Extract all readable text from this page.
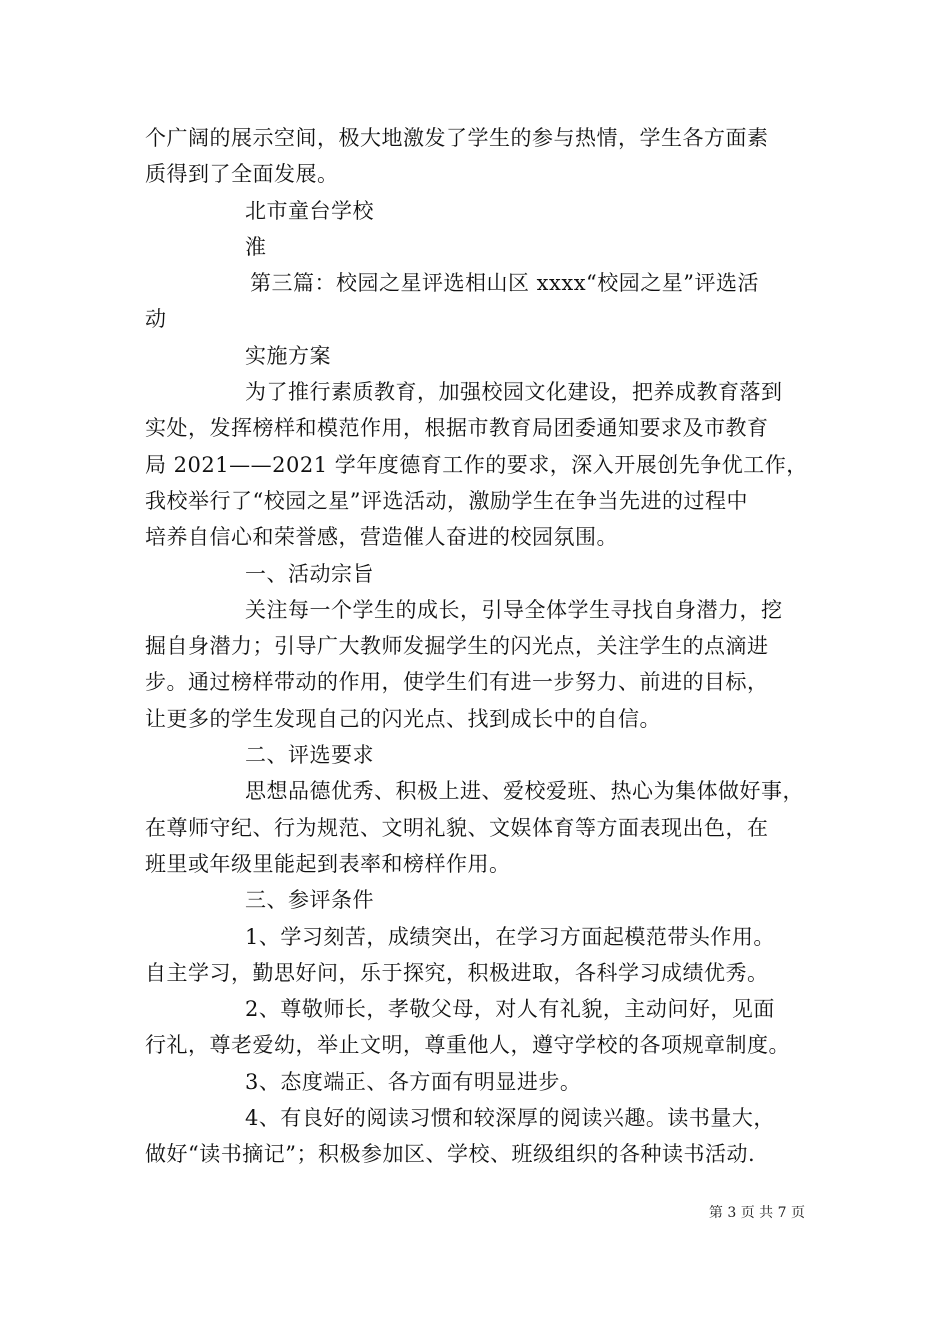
个广阔的展示空间，极大地激发了学生的参与热情，学生各方面素
质得到了全面发展。
北市童台学校
淮
第三篇：校园之星评选相山区 xxxx“校园之星”评选活
动
实施方案
为了推行素质教育，加强校园文化建设，把养成教育落到
实处，发挥榜样和模范作用，根据市教育局团委通知要求及市教育
局 2021——2021 学年度德育工作的要求，深入开展创先争优工作，
我校举行了“校园之星”评选活动，激励学生在争当先进的过程中
培养自信心和荣誉感，营造催人奋进的校园氛围。
一、活动宗旨
关注每一个学生的成长，引导全体学生寻找自身潜力，挖
掘自身潜力；引导广大教师发掘学生的闪光点，关注学生的点滴进
步。通过榜样带动的作用，使学生们有进一步努力、前进的目标，
让更多的学生发现自己的闪光点、找到成长中的自信。
二、评选要求
思想品德优秀、积极上进、爱校爱班、热心为集体做好事，
在尊师守纪、行为规范、文明礼貌、文娱体育等方面表现出色，在
班里或年级里能起到表率和榜样作用。
三、参评条件
1、学习刻苦，成绩突出，在学习方面起模范带头作用。
自主学习，勤思好问，乐于探究，积极进取，各科学习成绩优秀。
2、尊敬师长，孝敬父母，对人有礼貌，主动问好，见面
行礼，尊老爱幼，举止文明，尊重他人，遵守学校的各项规章制度。
3、态度端正、各方面有明显进步。
4、有良好的阅读习惯和较深厚的阅读兴趣。读书量大，
做好“读书摘记”；积极参加区、学校、班级组织的各种读书活动.
第 3 页 共 7 页
